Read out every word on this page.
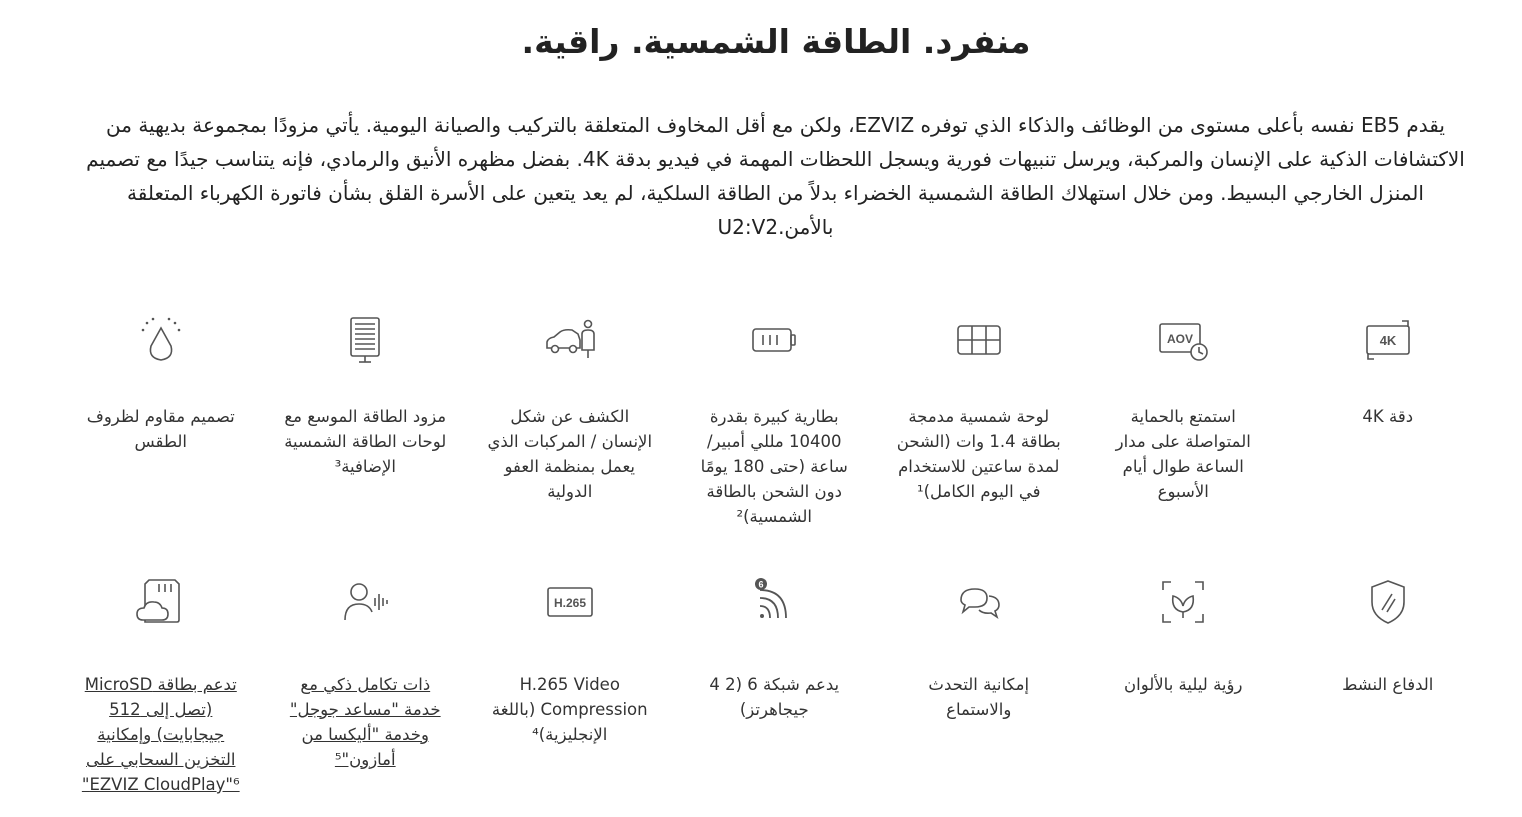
منفرد. الطاقة الشمسية. راقية.

يقدم EB5 نفسه بأعلى مستوى من الوظائف والذكاء الذي توفره EZVIZ، ولكن مع أقل المخاوف المتعلقة بالتركيب والصيانة اليومية. يأتي مزودًا بمجموعة بديهية من الاكتشافات الذكية على الإنسان والمركبة، ويرسل تنبيهات فورية ويسجل اللحظات المهمة في فيديو بدقة 4K. بفضل مظهره الأنيق والرمادي، فإنه يتناسب جيدًا مع تصميم المنزل الخارجي البسيط. ومن خلال استهلاك الطاقة الشمسية الخضراء بدلاً من الطاقة السلكية، لم يعد يتعين على الأسرة القلق بشأن فاتورة الكهرباء المتعلقة بالأمن.U2:V2

4K
دقة 4K
AOV
استمتع بالحماية المتواصلة على مدار الساعة طوال أيام الأسبوع
لوحة شمسية مدمجة بطاقة 1.4 وات (الشحن لمدة ساعتين للاستخدام في اليوم الكامل)¹
بطارية كبيرة بقدرة 10400 مللي أمبير/ ساعة (حتى 180 يومًا دون الشحن بالطاقة الشمسية)²
الكشف عن شكل الإنسان / المركبات الذي يعمل بمنظمة العفو الدولية
مزود الطاقة الموسع مع لوحات الطاقة الشمسية الإضافية³
تصميم مقاوم لظروف الطقس
الدفاع النشط
رؤية ليلية بالألوان
إمكانية التحدث والاستماع
6
يدعم شبكة 6 (2 4 جيجاهرتز)
H.265
H.265 Video Compression (باللغة الإنجليزية)⁴
ذات تكامل ذكي مع خدمة "مساعد جوجل" وخدمة "أليكسا من أمازون"⁵
تدعم بطاقة MicroSD (تصل إلى 512 جيجابايت) وإمكانية التخزين السحابي على EZVIZ CloudPlay"⁶"
